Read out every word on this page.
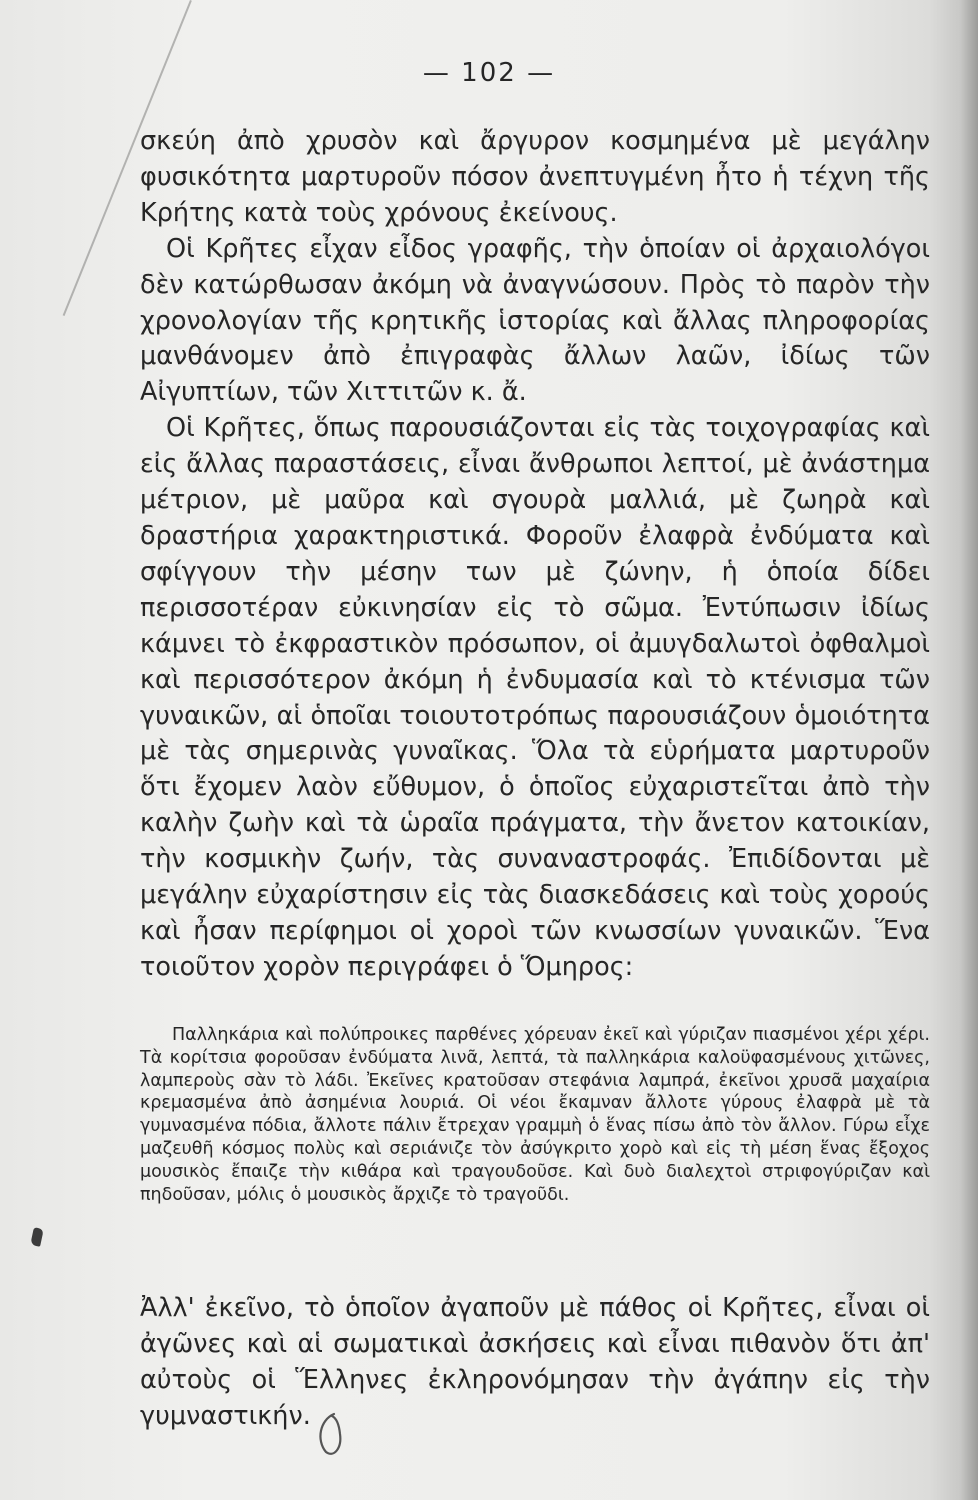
— 102 —

σκεύη ἀπὸ χρυσὸν καὶ ἄργυρον κοσμημένα μὲ μεγάλην φυσικότητα μαρτυροῦν πόσον ἀνεπτυγμένη ἦτο ἡ τέχνη τῆς Κρήτης κατὰ τοὺς χρόνους ἐκείνους.

Οἱ Κρῆτες εἶχαν εἶδος γραφῆς, τὴν ὁποίαν οἱ ἀρχαιολόγοι δὲν κατώρθωσαν ἀκόμη νὰ ἀναγνώσουν. Πρὸς τὸ παρὸν τὴν χρονολογίαν τῆς κρητικῆς ἱστορίας καὶ ἄλλας πληροφορίας μανθάνομεν ἀπὸ ἐπιγραφὰς ἄλλων λαῶν, ἰδίως τῶν Αἰγυπτίων, τῶν Χιττιτῶν κ. ἄ.

Οἱ Κρῆτες, ὅπως παρουσιάζονται εἰς τὰς τοιχογραφίας καὶ εἰς ἄλλας παραστάσεις, εἶναι ἄνθρωποι λεπτοί, μὲ ἀνάστημα μέτριον, μὲ μαῦρα καὶ σγουρὰ μαλλιά, μὲ ζωηρὰ καὶ δραστήρια χαρακτηριστικά. Φοροῦν ἐλαφρὰ ἐνδύματα καὶ σφίγγουν τὴν μέσην των μὲ ζώνην, ἡ ὁποία δίδει περισσοτέραν εὐκινησίαν εἰς τὸ σῶμα. Ἐντύπωσιν ἰδίως κάμνει τὸ ἐκφραστικὸν πρόσωπον, οἱ ἀμυγδαλωτοὶ ὀφθαλμοὶ καὶ περισσότερον ἀκόμη ἡ ἐνδυμασία καὶ τὸ κτένισμα τῶν γυναικῶν, αἱ ὁποῖαι τοιουτοτρόπως παρουσιάζουν ὁμοιότητα μὲ τὰς σημερινὰς γυναῖκας. Ὅλα τὰ εὑρήματα μαρτυροῦν ὅτι ἔχομεν λαὸν εὔθυμον, ὁ ὁποῖος εὐχαριστεῖται ἀπὸ τὴν καλὴν ζωὴν καὶ τὰ ὡραῖα πράγματα, τὴν ἄνετον κατοικίαν, τὴν κοσμικὴν ζωήν, τὰς συναναστροφάς. Ἐπιδίδονται μὲ μεγάλην εὐχαρίστησιν εἰς τὰς διασκεδάσεις καὶ τοὺς χορούς καὶ ἦσαν περίφημοι οἱ χοροὶ τῶν κνωσσίων γυναικῶν. Ἕνα τοιοῦτον χορὸν περιγράφει ὁ Ὅμηρος:

Παλληκάρια καὶ πολύπροικες παρθένες χόρευαν ἐκεῖ καὶ γύριζαν πιασμένοι χέρι χέρι. Τὰ κορίτσια φοροῦσαν ἐνδύματα λινᾶ, λεπτά, τὰ παλληκάρια καλοϋφασμένους χιτῶνες, λαμπεροὺς σὰν τὸ λάδι. Ἐκεῖνες κρατοῦσαν στεφάνια λαμπρά, ἐκεῖνοι χρυσᾶ μαχαίρια κρεμασμένα ἀπὸ ἀσημένια λουριά. Οἱ νέοι ἔκαμναν ἄλλοτε γύρους ἐλαφρὰ μὲ τὰ γυμνασμένα πόδια, ἄλλοτε πάλιν ἔτρεχαν γραμμὴ ὁ ἕνας πίσω ἀπὸ τὸν ἄλλον. Γύρω εἶχε μαζευθῆ κόσμος πολὺς καὶ σεριάνιζε τὸν ἀσύγκριτο χορὸ καὶ εἰς τὴ μέση ἕνας ἔξοχος μουσικὸς ἔπαιζε τὴν κιθάρα καὶ τραγουδοῦσε. Καὶ δυὸ διαλεχτοὶ στριφογύριζαν καὶ πηδοῦσαν, μόλις ὁ μουσικὸς ἄρχιζε τὸ τραγοῦδι.

Ἀλλ' ἐκεῖνο, τὸ ὁποῖον ἀγαποῦν μὲ πάθος οἱ Κρῆτες, εἶναι οἱ ἀγῶνες καὶ αἱ σωματικαὶ ἀσκήσεις καὶ εἶναι πιθανὸν ὅτι ἀπ' αὐτοὺς οἱ Ἕλληνες ἐκληρονόμησαν τὴν ἀγάπην εἰς τὴν γυμναστικήν.
